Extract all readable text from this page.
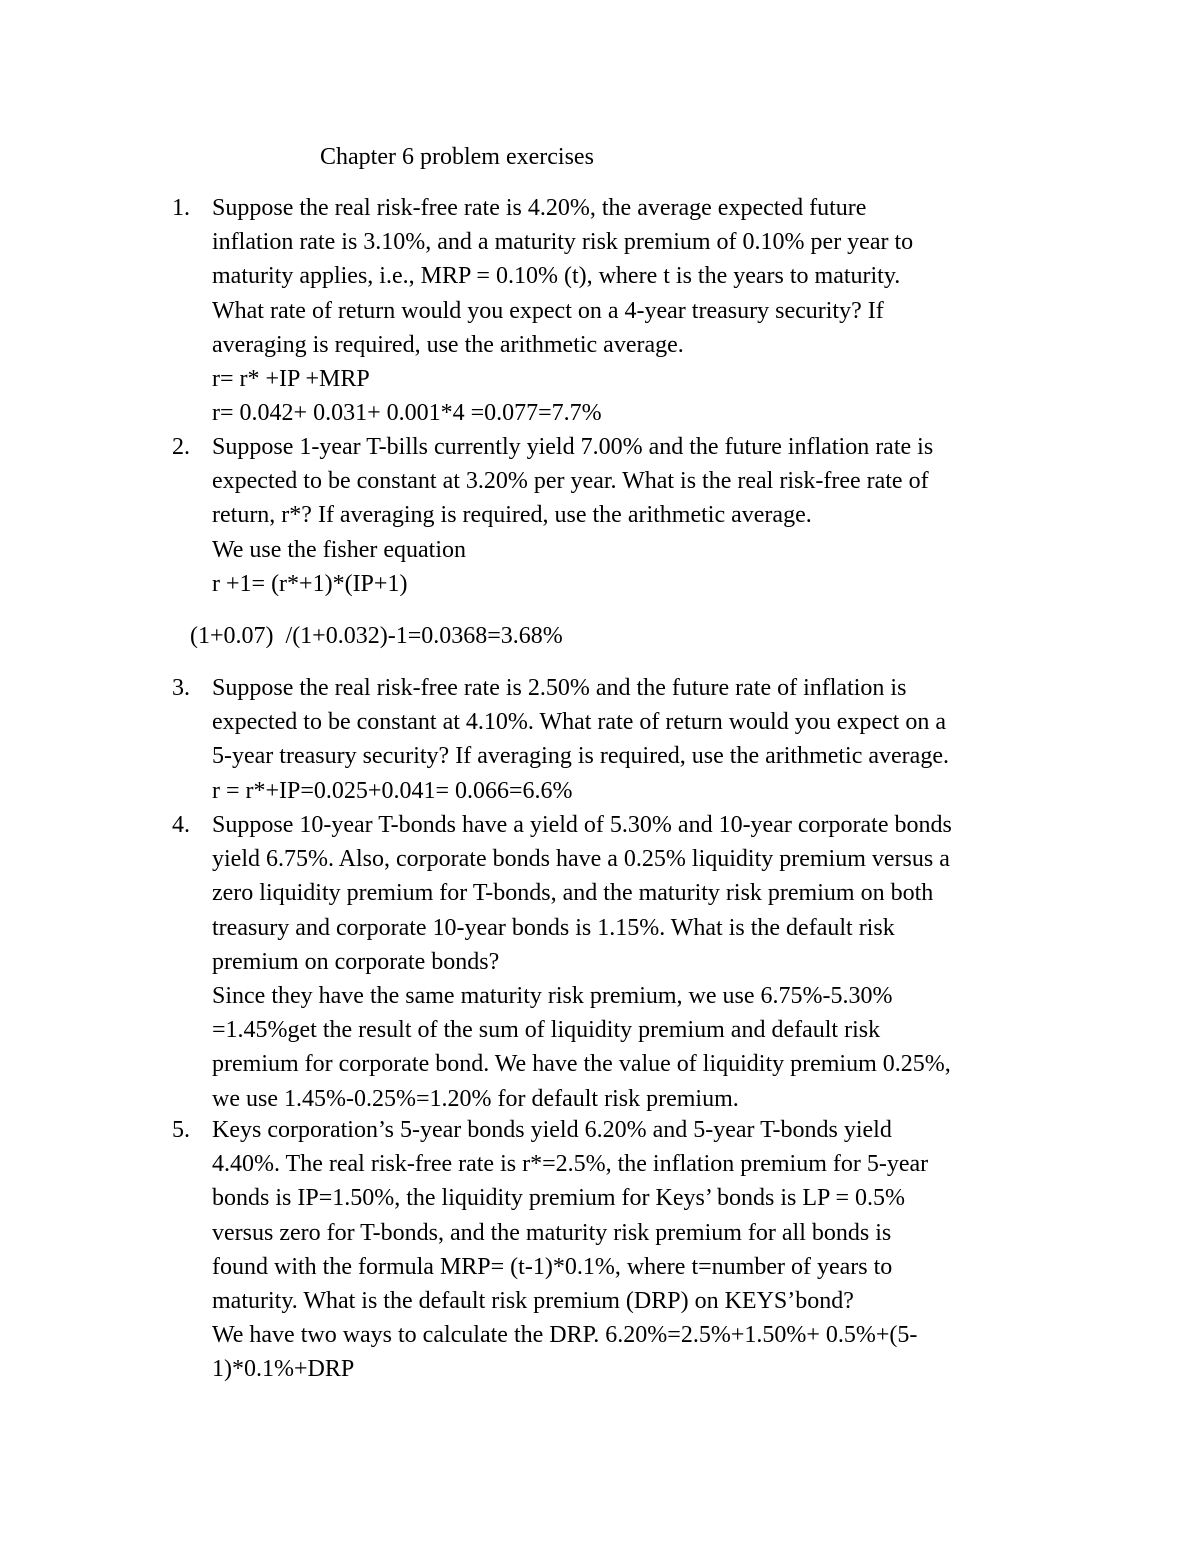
Chapter 6 problem exercises
1. Suppose the real risk-free rate is 4.20%, the average expected future
inflation rate is 3.10%, and a maturity risk premium of 0.10% per year to
maturity applies, i.e., MRP = 0.10% (t), where t is the years to maturity.
What rate of return would you expect on a 4-year treasury security? If
averaging is required, use the arithmetic average.
r= r* +IP +MRP
r= 0.042+ 0.031+ 0.001*4 =0.077=7.7%
2. Suppose 1-year T-bills currently yield 7.00% and the future inflation rate is
expected to be constant at 3.20% per year. What is the real risk-free rate of
return, r*? If averaging is required, use the arithmetic average.
We use the fisher equation
r +1= (r*+1)*(IP+1)
(1+0.07)  /(1+0.032)-1=0.0368=3.68%
3. Suppose the real risk-free rate is 2.50% and the future rate of inflation is
expected to be constant at 4.10%. What rate of return would you expect on a
5-year treasury security? If averaging is required, use the arithmetic average.
r = r*+IP=0.025+0.041= 0.066=6.6%
4. Suppose 10-year T-bonds have a yield of 5.30% and 10-year corporate bonds
yield 6.75%. Also, corporate bonds have a 0.25% liquidity premium versus a
zero liquidity premium for T-bonds, and the maturity risk premium on both
treasury and corporate 10-year bonds is 1.15%. What is the default risk
premium on corporate bonds?
Since they have the same maturity risk premium, we use 6.75%-5.30%
=1.45%get the result of the sum of liquidity premium and default risk
premium for corporate bond. We have the value of liquidity premium 0.25%,
we use 1.45%-0.25%=1.20% for default risk premium.
5. Keys corporation’s 5-year bonds yield 6.20% and 5-year T-bonds yield
4.40%. The real risk-free rate is r*=2.5%, the inflation premium for 5-year
bonds is IP=1.50%, the liquidity premium for Keys’ bonds is LP = 0.5%
versus zero for T-bonds, and the maturity risk premium for all bonds is
found with the formula MRP= (t-1)*0.1%, where t=number of years to
maturity. What is the default risk premium (DRP) on KEYS’bond?
We have two ways to calculate the DRP. 6.20%=2.5%+1.50%+ 0.5%+(5-
1)*0.1%+DRP
